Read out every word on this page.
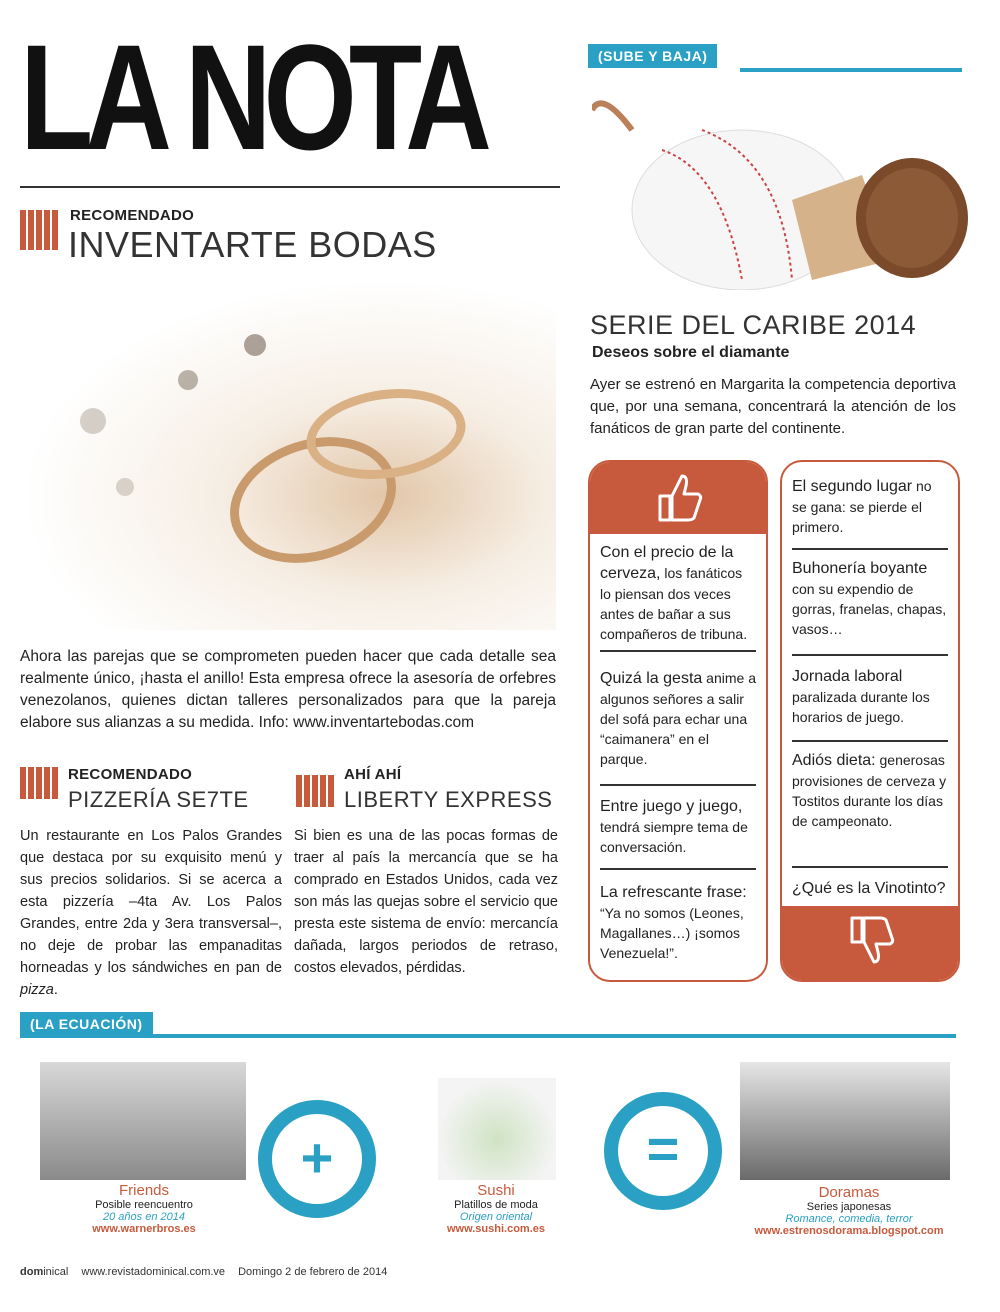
LA NOTA
RECOMENDADO
INVENTARTE BODAS
Ahora las parejas que se comprometen pueden hacer que cada detalle sea realmente único, ¡hasta el anillo! Esta empresa ofrece la asesoría de orfebres venezolanos, quienes dictan talleres personalizados para que la pareja elabore sus alianzas a su medida. Info: www.inventartebodas.com
RECOMENDADO
PIZZERÍA SE7TE
Un restaurante en Los Palos Grandes que destaca por su exquisito menú y sus precios solidarios. Si se acerca a esta pizzería –4ta Av. Los Palos Grandes, entre 2da y 3era transversal–, no deje de probar las empanaditas horneadas y los sándwiches en pan de pizza.
AHÍ AHÍ
LIBERTY EXPRESS
Si bien es una de las pocas formas de traer al país la mercancía que se ha comprado en Estados Unidos, cada vez son más las quejas sobre el servicio que presta este sistema de envío: mercancía dañada, largos periodos de retraso, costos elevados, pérdidas.
(SUBE Y BAJA)
SERIE DEL CARIBE 2014
Deseos sobre el diamante
Ayer se estrenó en Margarita la competencia deportiva que, por una semana, concentrará la atención de los fanáticos de gran parte del continente.
Con el precio de la cerveza, los fanáticos lo piensan dos veces antes de bañar a sus compañeros de tribuna.
Quizá la gesta anime a algunos señores a salir del sofá para echar una “caimanera” en el parque.
Entre juego y juego, tendrá siempre tema de conversación.
La refrescante frase: “Ya no somos (Leones, Magallanes…) ¡somos Venezuela!”.
El segundo lugar no se gana: se pierde el primero.
Buhonería boyante con su expendio de gorras, franelas, chapas, vasos…
Jornada laboral paralizada durante los horarios de juego.
Adiós dieta: generosas provisiones de cerveza y Tostitos durante los días de campeonato.
¿Qué es la Vinotinto?
(LA ECUACIÓN)
+	=
Friends
Posible reencuentro
20 años en 2014
www.warnerbros.es
Sushi
Platillos de moda
Origen oriental
www.sushi.com.es
Doramas
Series japonesas
Romance, comedia, terror
www.estrenosdorama.blogspot.com
dominical www.revistadominical.com.ve Domingo 2 de febrero de 2014
